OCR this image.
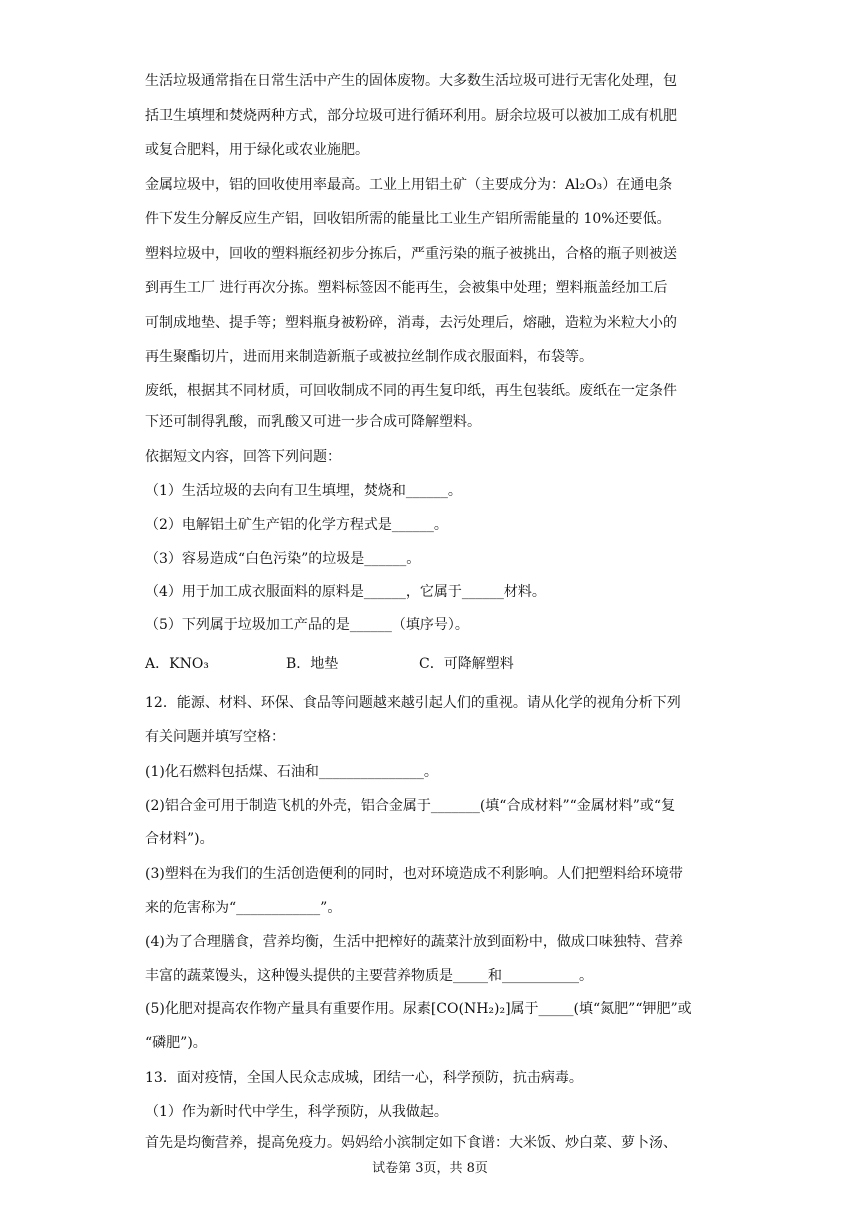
生活垃圾通常指在日常生活中产生的固体废物。大多数生活垃圾可进行无害化处理，包
括卫生填埋和焚烧两种方式，部分垃圾可进行循环利用。厨余垃圾可以被加工成有机肥
或复合肥料，用于绿化或农业施肥。
金属垃圾中，铝的回收使用率最高。工业上用铝土矿（主要成分为：Al₂O₃）在通电条
件下发生分解反应生产铝，回收铝所需的能量比工业生产铝所需能量的 10%还要低。
塑料垃圾中，回收的塑料瓶经初步分拣后，严重污染的瓶子被挑出，合格的瓶子则被送
到再生工厂 进行再次分拣。塑料标签因不能再生，会被集中处理；塑料瓶盖经加工后
可制成地垫、提手等；塑料瓶身被粉碎，消毒，去污处理后，熔融，造粒为米粒大小的
再生聚酯切片，进而用来制造新瓶子或被拉丝制作成衣服面料，布袋等。
废纸，根据其不同材质，可回收制成不同的再生复印纸，再生包装纸。废纸在一定条件
下还可制得乳酸，而乳酸又可进一步合成可降解塑料。
依据短文内容，回答下列问题：
（1）生活垃圾的去向有卫生填埋，焚烧和______。
（2）电解铝土矿生产铝的化学方程式是______。
（3）容易造成“白色污染”的垃圾是______。
（4）用于加工成衣服面料的原料是______，它属于______材料。
（5）下列属于垃圾加工产品的是______（填序号）。
A．KNO₃	B．地垫	C．可降解塑料
12．能源、材料、环保、食品等问题越来越引起人们的重视。请从化学的视角分析下列
有关问题并填写空格：
(1)化石燃料包括煤、石油和_______________。
(2)铝合金可用于制造飞机的外壳，铝合金属于_______(填“合成材料”“金属材料”或“复
合材料”)。
(3)塑料在为我们的生活创造便利的同时，也对环境造成不利影响。人们把塑料给环境带
来的危害称为“____________”。
(4)为了合理膳食，营养均衡，生活中把榨好的蔬菜汁放到面粉中，做成口味独特、营养
丰富的蔬菜馒头，这种馒头提供的主要营养物质是_____和___________。
(5)化肥对提高农作物产量具有重要作用。尿素[CO(NH₂)₂]属于_____(填“氮肥”“钾肥”或
“磷肥”)。
13．面对疫情，全国人民众志成城，团结一心，科学预防，抗击病毒。
（1）作为新时代中学生，科学预防，从我做起。
首先是均衡营养，提高免疫力。妈妈给小滨制定如下食谱：大米饭、炒白菜、萝卜汤、
试卷第 3页，共 8页
